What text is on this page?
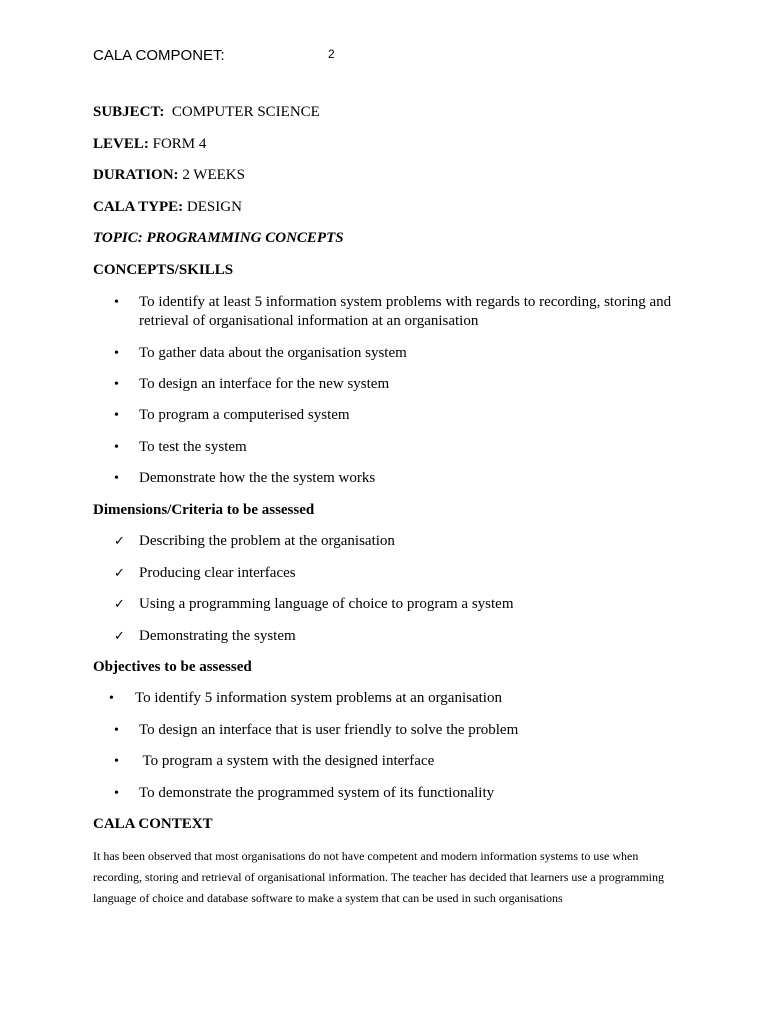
CALA COMPONET:	2

SUBJECT: COMPUTER SCIENCE

LEVEL: FORM 4

DURATION: 2 WEEKS

CALA TYPE: DESIGN

TOPIC: PROGRAMMING CONCEPTS

CONCEPTS/SKILLS

• To identify at least 5 information system problems with regards to recording, storing and retrieval of organisational information at an organisation
• To gather data about the organisation system
• To design an interface for the new system
• To program a computerised system
• To test the system
• Demonstrate how the the system works

Dimensions/Criteria to be assessed

✓ Describing the problem at the organisation
✓ Producing clear interfaces
✓ Using a programming language of choice to program a system
✓ Demonstrating the system

Objectives to be assessed

• To identify 5 information system problems at an organisation
• To design an interface that is user friendly to solve the problem
• To program a system with the designed interface
• To demonstrate the programmed system of its functionality

CALA CONTEXT

It has been observed that most organisations do not have competent and modern information systems to use when recording, storing and retrieval of organisational information. The teacher has decided that learners use a programming language of choice and database software to make a system that can be used in such organisations
